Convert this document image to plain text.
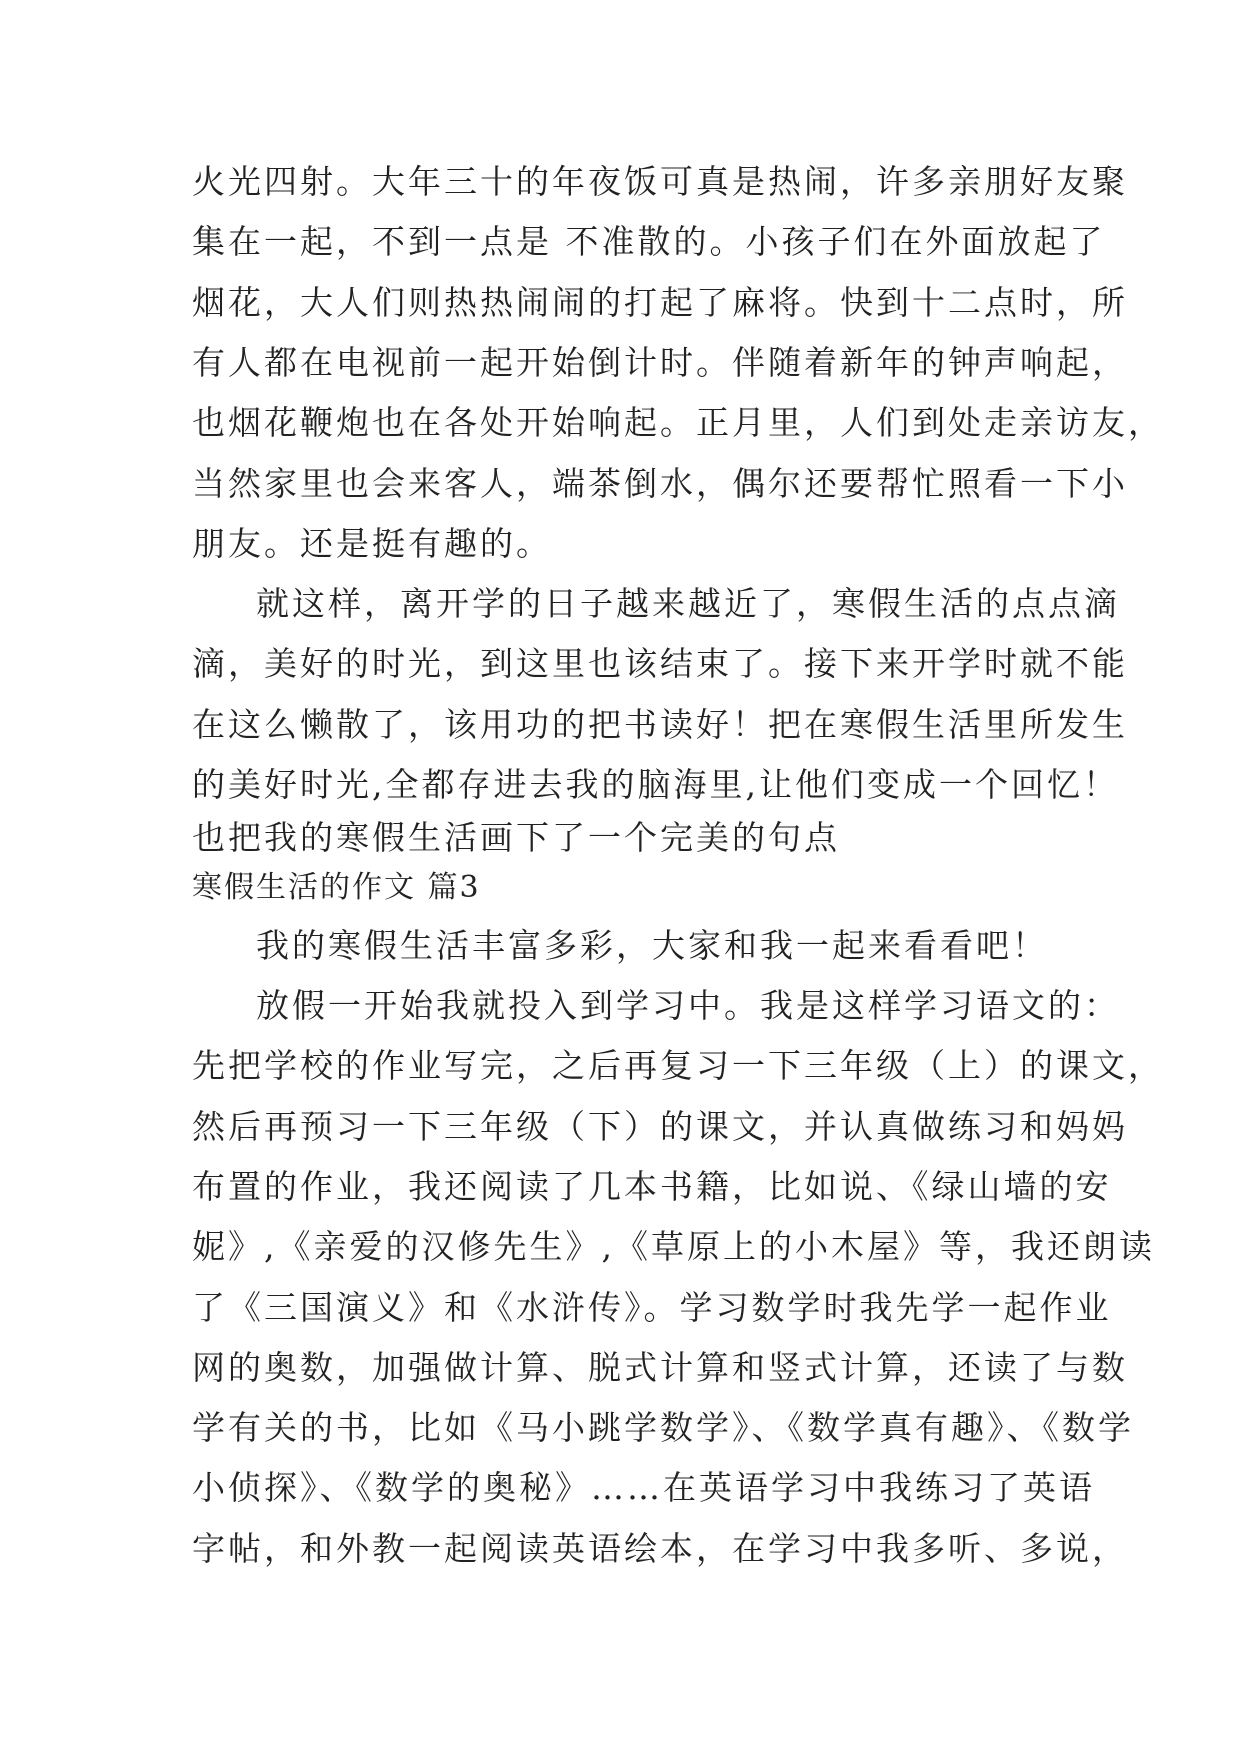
火光四射。大年三十的年夜饭可真是热闹，许多亲朋好友聚
集在一起，不到一点是 不准散的。小孩子们在外面放起了
烟花，大人们则热热闹闹的打起了麻将。快到十二点时，所
有人都在电视前一起开始倒计时。伴随着新年的钟声响起，
也烟花鞭炮也在各处开始响起。正月里，人们到处走亲访友，
当然家里也会来客人，端茶倒水，偶尔还要帮忙照看一下小
朋友。还是挺有趣的。
就这样，离开学的日子越来越近了，寒假生活的点点滴
滴，美好的时光，到这里也该结束了。接下来开学时就不能
在这么懒散了，该用功的把书读好！把在寒假生活里所发生
的美好时光,全都存进去我的脑海里,让他们变成一个回忆！
也把我的寒假生活画下了一个完美的句点
寒假生活的作文 篇3
我的寒假生活丰富多彩，大家和我一起来看看吧！
放假一开始我就投入到学习中。我是这样学习语文的：
先把学校的作业写完，之后再复习一下三年级（上）的课文，
然后再预习一下三年级（下）的课文，并认真做练习和妈妈
布置的作业，我还阅读了几本书籍，比如说、《绿山墙的安
妮》,《亲爱的汉修先生》,《草原上的小木屋》等，我还朗读
了《三国演义》和《水浒传》。学习数学时我先学一起作业
网的奥数，加强做计算、脱式计算和竖式计算，还读了与数
学有关的书，比如《马小跳学数学》、《数学真有趣》、《数学
小侦探》、《数学的奥秘》……在英语学习中我练习了英语
字帖，和外教一起阅读英语绘本，在学习中我多听、多说，
